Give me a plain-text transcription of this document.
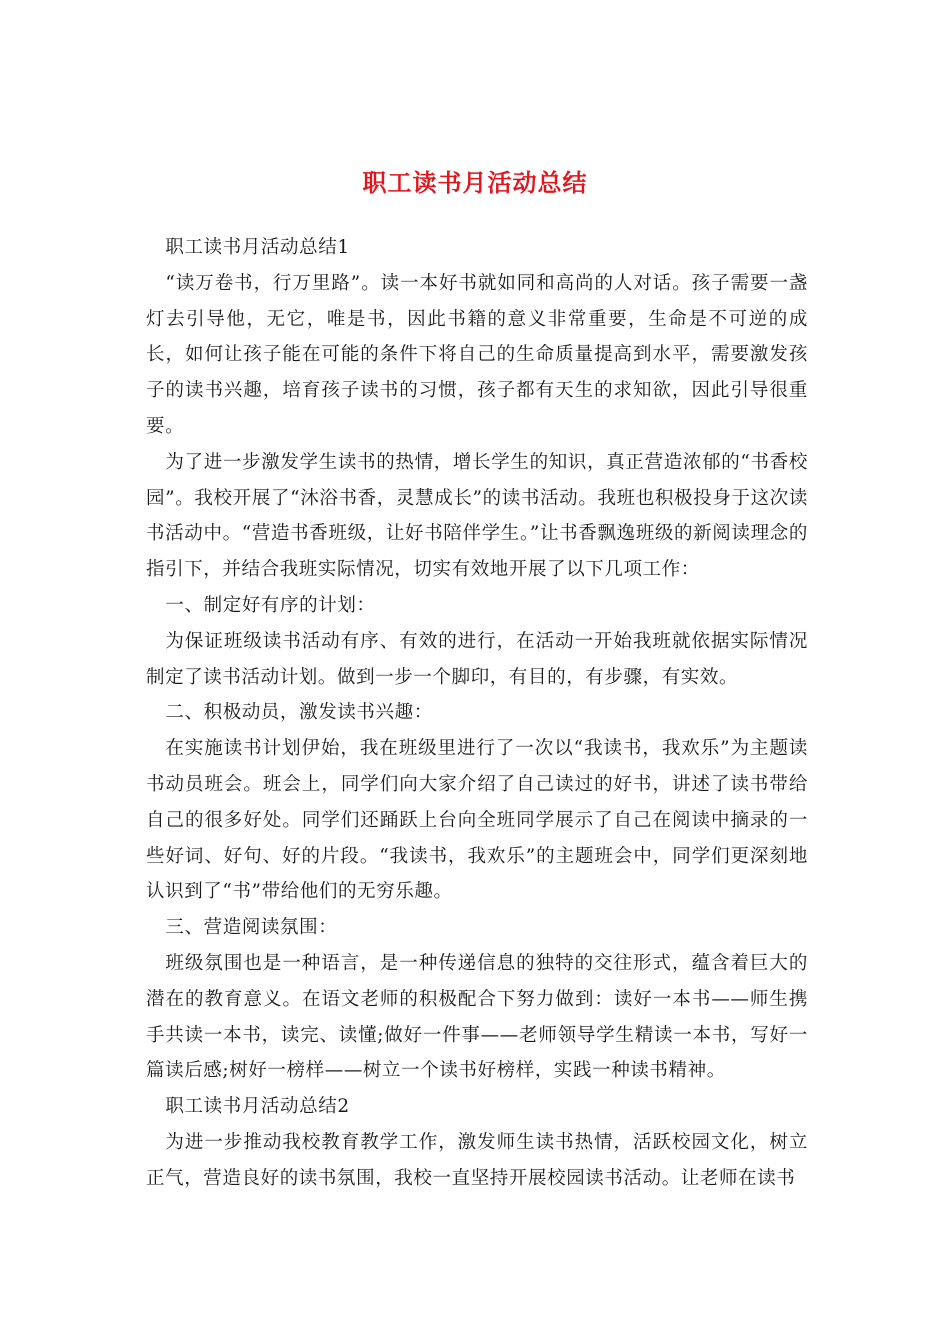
职工读书月活动总结

职工读书月活动总结1

“读万卷书，行万里路”。读一本好书就如同和高尚的人对话。孩子需要一盏灯去引导他，无它，唯是书，因此书籍的意义非常重要，生命是不可逆的成长，如何让孩子能在可能的条件下将自己的生命质量提高到水平，需要激发孩子的读书兴趣，培育孩子读书的习惯，孩子都有天生的求知欲，因此引导很重要。

为了进一步激发学生读书的热情，增长学生的知识，真正营造浓郁的“书香校园”。我校开展了“沐浴书香，灵慧成长”的读书活动。我班也积极投身于这次读书活动中。“营造书香班级，让好书陪伴学生。”让书香飘逸班级的新阅读理念的指引下，并结合我班实际情况，切实有效地开展了以下几项工作：

一、制定好有序的计划：

为保证班级读书活动有序、有效的进行，在活动一开始我班就依据实际情况制定了读书活动计划。做到一步一个脚印，有目的，有步骤，有实效。

二、积极动员，激发读书兴趣：

在实施读书计划伊始，我在班级里进行了一次以“我读书，我欢乐”为主题读书动员班会。班会上，同学们向大家介绍了自己读过的好书，讲述了读书带给自己的很多好处。同学们还踊跃上台向全班同学展示了自己在阅读中摘录的一些好词、好句、好的片段。“我读书，我欢乐”的主题班会中，同学们更深刻地认识到了“书”带给他们的无穷乐趣。

三、营造阅读氛围：

班级氛围也是一种语言，是一种传递信息的独特的交往形式，蕴含着巨大的潜在的教育意义。在语文老师的积极配合下努力做到：读好一本书——师生携手共读一本书，读完、读懂;做好一件事——老师领导学生精读一本书，写好一篇读后感;树好一榜样——树立一个读书好榜样，实践一种读书精神。

职工读书月活动总结2

为进一步推动我校教育教学工作，激发师生读书热情，活跃校园文化，树立正气，营造良好的读书氛围，我校一直坚持开展校园读书活动。让老师在读书
